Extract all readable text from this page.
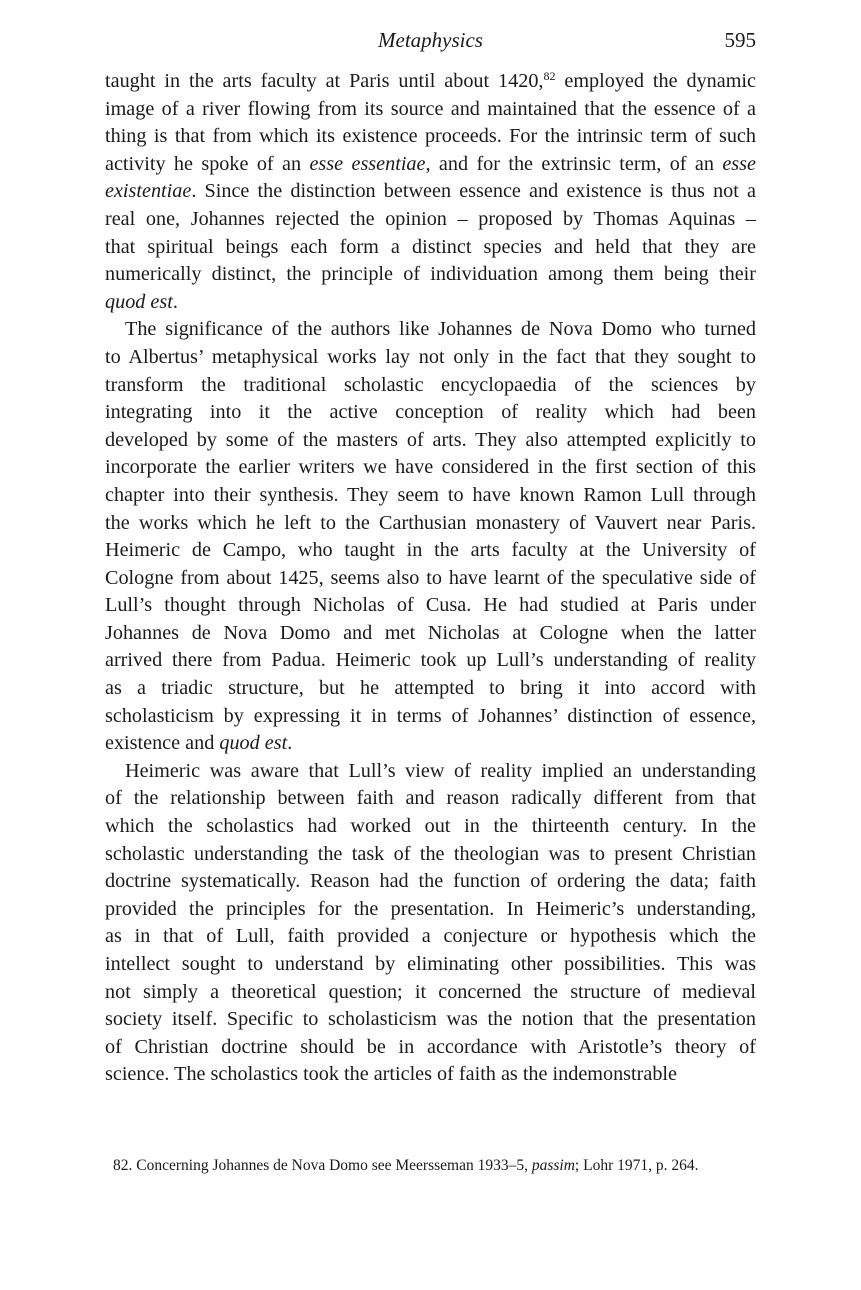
Metaphysics	595

taught in the arts faculty at Paris until about 1420,82 employed the dynamic
image of a river flowing from its source and maintained that the essence of a
thing is that from which its existence proceeds. For the intrinsic term of such
activity he spoke of an esse essentiae, and for the extrinsic term, of an esse
existentiae. Since the distinction between essence and existence is thus not a
real one, Johannes rejected the opinion – proposed by Thomas Aquinas –
that spiritual beings each form a distinct species and held that they are
numerically distinct, the principle of individuation among them being their
quod est.

The significance of the authors like Johannes de Nova Domo who turned
to Albertus’ metaphysical works lay not only in the fact that they sought to
transform the traditional scholastic encyclopaedia of the sciences by
integrating into it the active conception of reality which had been
developed by some of the masters of arts. They also attempted explicitly to
incorporate the earlier writers we have considered in the first section of this
chapter into their synthesis. They seem to have known Ramon Lull through
the works which he left to the Carthusian monastery of Vauvert near Paris.
Heimeric de Campo, who taught in the arts faculty at the University of
Cologne from about 1425, seems also to have learnt of the speculative side of
Lull’s thought through Nicholas of Cusa. He had studied at Paris under
Johannes de Nova Domo and met Nicholas at Cologne when the latter
arrived there from Padua. Heimeric took up Lull’s understanding of reality
as a triadic structure, but he attempted to bring it into accord with
scholasticism by expressing it in terms of Johannes’ distinction of essence,
existence and quod est.

Heimeric was aware that Lull’s view of reality implied an understanding
of the relationship between faith and reason radically different from that
which the scholastics had worked out in the thirteenth century. In the
scholastic understanding the task of the theologian was to present Christian
doctrine systematically. Reason had the function of ordering the data; faith
provided the principles for the presentation. In Heimeric’s understanding,
as in that of Lull, faith provided a conjecture or hypothesis which the
intellect sought to understand by eliminating other possibilities. This was
not simply a theoretical question; it concerned the structure of medieval
society itself. Specific to scholasticism was the notion that the presentation
of Christian doctrine should be in accordance with Aristotle’s theory of
science. The scholastics took the articles of faith as the indemonstrable

82. Concerning Johannes de Nova Domo see Meersseman 1933–5, passim; Lohr 1971, p. 264.
